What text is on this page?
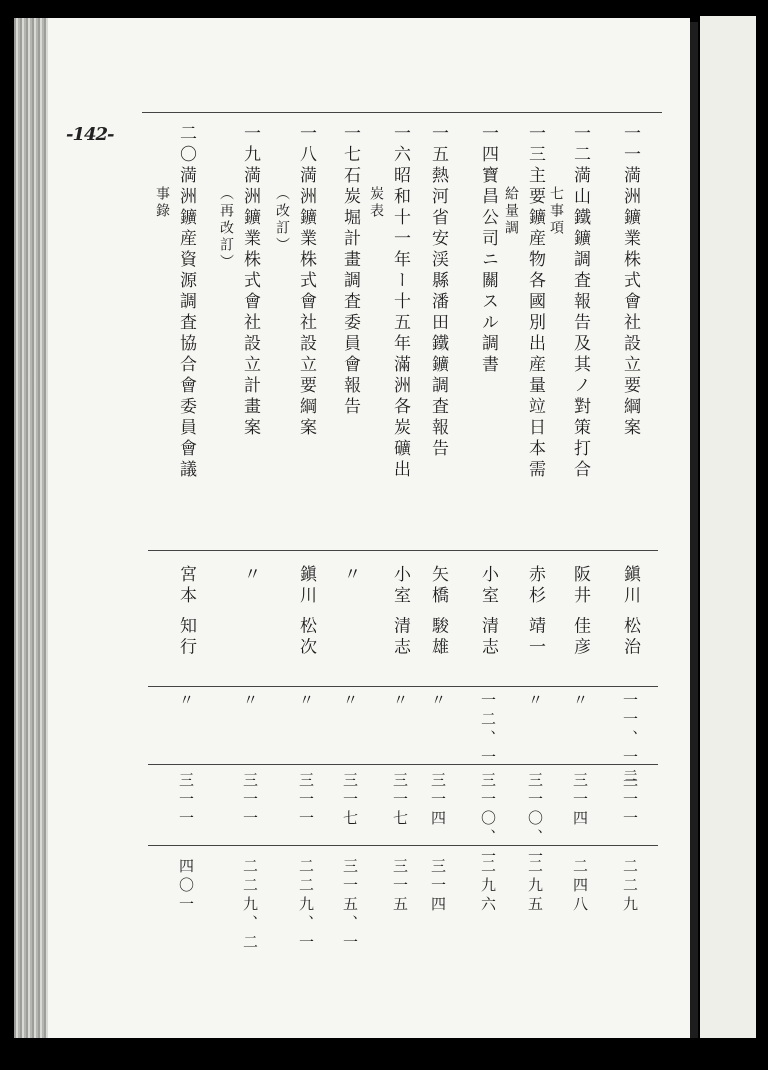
-142-	一一
満洲鑛業株式會社設立要綱案
鎭川 松治
一一、一二
三一一
二二九
一二
満山鐵鑛調査報告及其ノ對策打合
七事項
阪井 佳彦
〃
三一四
二四八
一三
主要鑛産物各國別出産量竝日本需
給量調
赤杉 靖一
〃
三一〇、一
二九五
一四
寶昌公司ニ關スル調書
小室 清志
一二、一
三一〇、一
二九六
一五
熱河省安渓縣潘田鐵鑛調査報告
矢橋 駿雄
〃
三一四
三一四
一六
昭和十一年ー十五年滿洲各炭礦出
炭表
小室 清志
〃
三一七
三一五
一七
石炭堀計畫調査委員會報告
〃
〃
三一七
三一五、一
一八
満洲鑛業株式會社設立要綱案
（改訂）
鎭川 松次
〃
三一一
二二九、一
一九
満洲鑛業株式會社設立計畫案
（再改訂）
〃
〃
三一一
二二九、二
二〇
満洲鑛産資源調査協合會委員會議
事錄
宮本 知行
〃
三一一
四〇一
